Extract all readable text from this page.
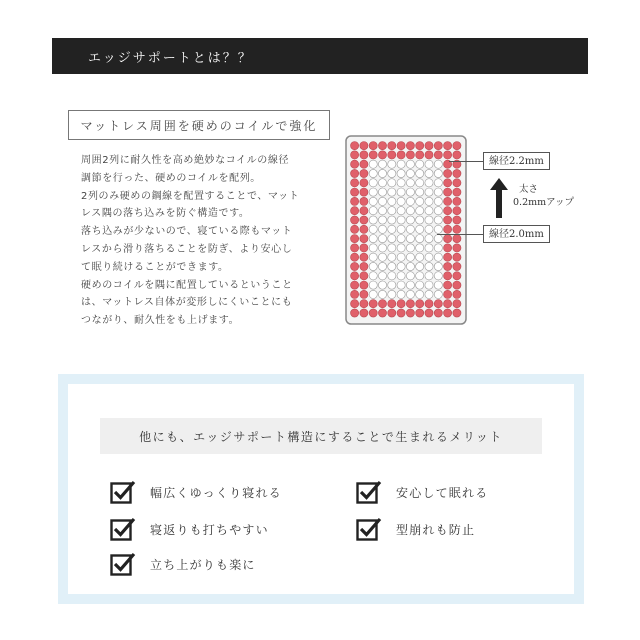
エッジサポートとは？？
マットレス周囲を硬めのコイルで強化
周囲2列に耐久性を高め絶妙なコイルの線径
調節を行った、硬めのコイルを配列。
2列のみ硬めの鋼線を配置することで、マット
レス隅の落ち込みを防ぐ構造です。
落ち込みが少ないので、寝ている際もマット
レスから滑り落ちることを防ぎ、より安心し
て眠り続けることができます。
硬めのコイルを隅に配置しているということ
は、マットレス自体が変形しにくいことにも
つながり、耐久性をも上げます。
線径2.2mm
太さ
0.2mmアップ
線径2.0mm
他にも、エッジサポート構造にすることで生まれるメリット
幅広くゆっくり寝れる	安心して眠れる
寝返りも打ちやすい	型崩れも防止
立ち上がりも楽に
